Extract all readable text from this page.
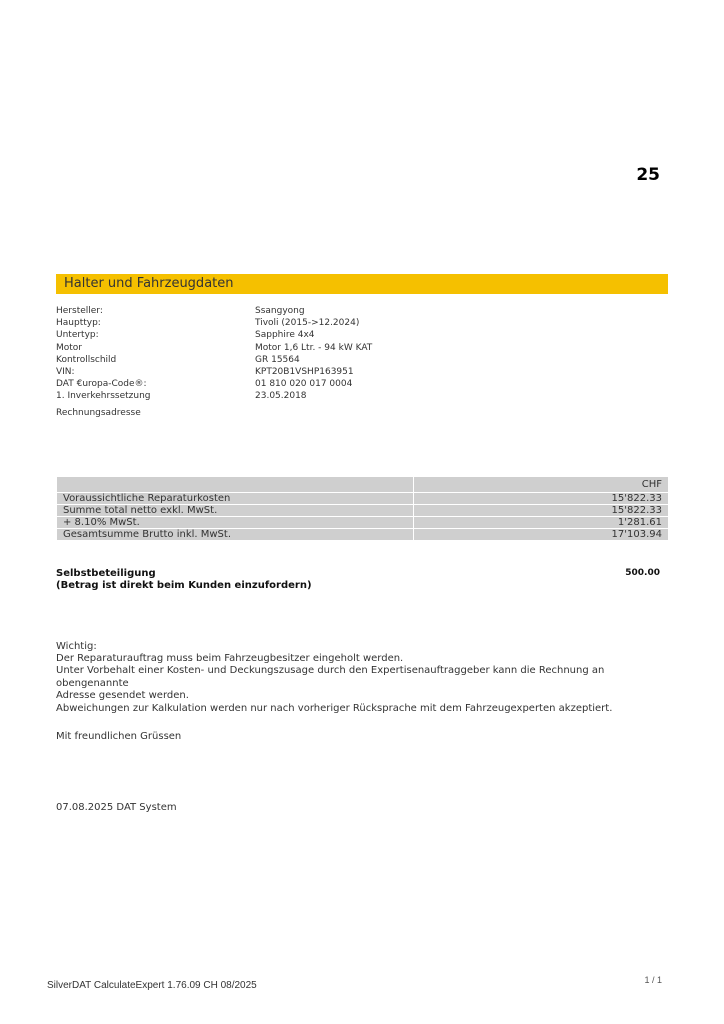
25
Halter und Fahrzeugdaten
Hersteller:	Ssangyong
Haupttyp:	Tivoli (2015->12.2024)
Untertyp:	Sapphire 4x4
Motor	Motor 1,6 Ltr. - 94 kW KAT
Kontrollschild	GR 15564
VIN:	KPT20B1VSHP163951
DAT €uropa-Code®:	01 810 020 017 0004
1. Inverkehrssetzung	23.05.2018
Rechnungsadresse
	CHF
Voraussichtliche Reparaturkosten	15'822.33
Summe total netto exkl. MwSt.	15'822.33
+ 8.10% MwSt.	1'281.61
Gesamtsumme Brutto inkl. MwSt.	17'103.94
Selbstbeteiligung
(Betrag ist direkt beim Kunden einzufordern)
500.00

Wichtig:

Der Reparaturauftrag muss beim Fahrzeugbesitzer eingeholt werden.

Unter Vorbehalt einer Kosten- und Deckungszusage durch den Expertisenauftraggeber kann die Rechnung an obengenannte

Adresse gesendet werden.

Abweichungen zur Kalkulation werden nur nach vorheriger Rücksprache mit dem Fahrzeugexperten akzeptiert.
Mit freundlichen Grüssen
07.08.2025 DAT System
1 / 1
SilverDAT CalculateExpert 1.76.09 CH 08/2025
